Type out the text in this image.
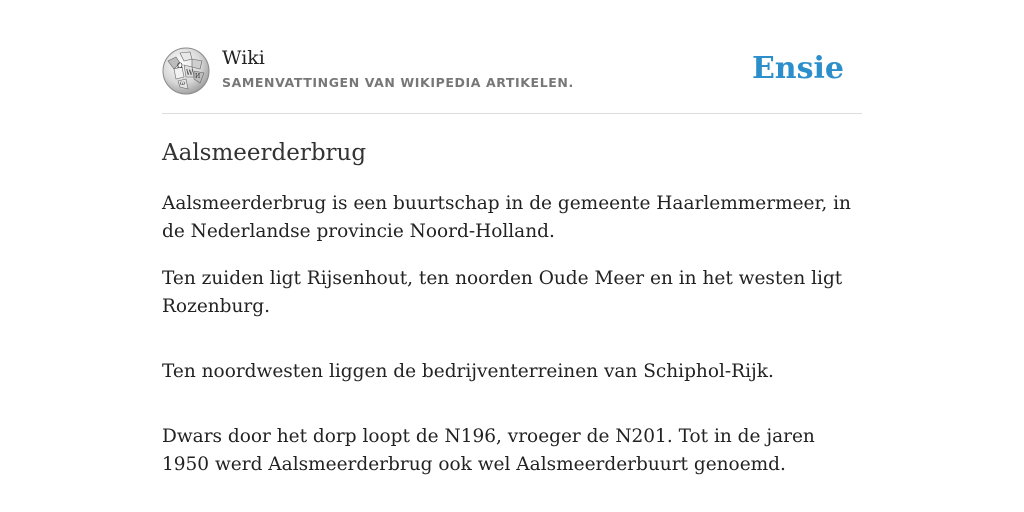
Ω
W
ω
И
Wiki
SAMENVATTINGEN VAN WIKIPEDIA ARTIKELEN.	Ensie
Aalsmeerderbrug

Aalsmeerderbrug is een buurtschap in de gemeente Haarlemmermeer, in de Nederlandse provincie Noord-Holland.

Ten zuiden ligt Rijsenhout, ten noorden Oude Meer en in het westen ligt Rozenburg.

Ten noordwesten liggen de bedrijventerreinen van Schiphol-Rijk.

Dwars door het dorp loopt de N196, vroeger de N201. Tot in de jaren 1950 werd Aalsmeerderbrug ook wel Aalsmeerderbuurt genoemd.
